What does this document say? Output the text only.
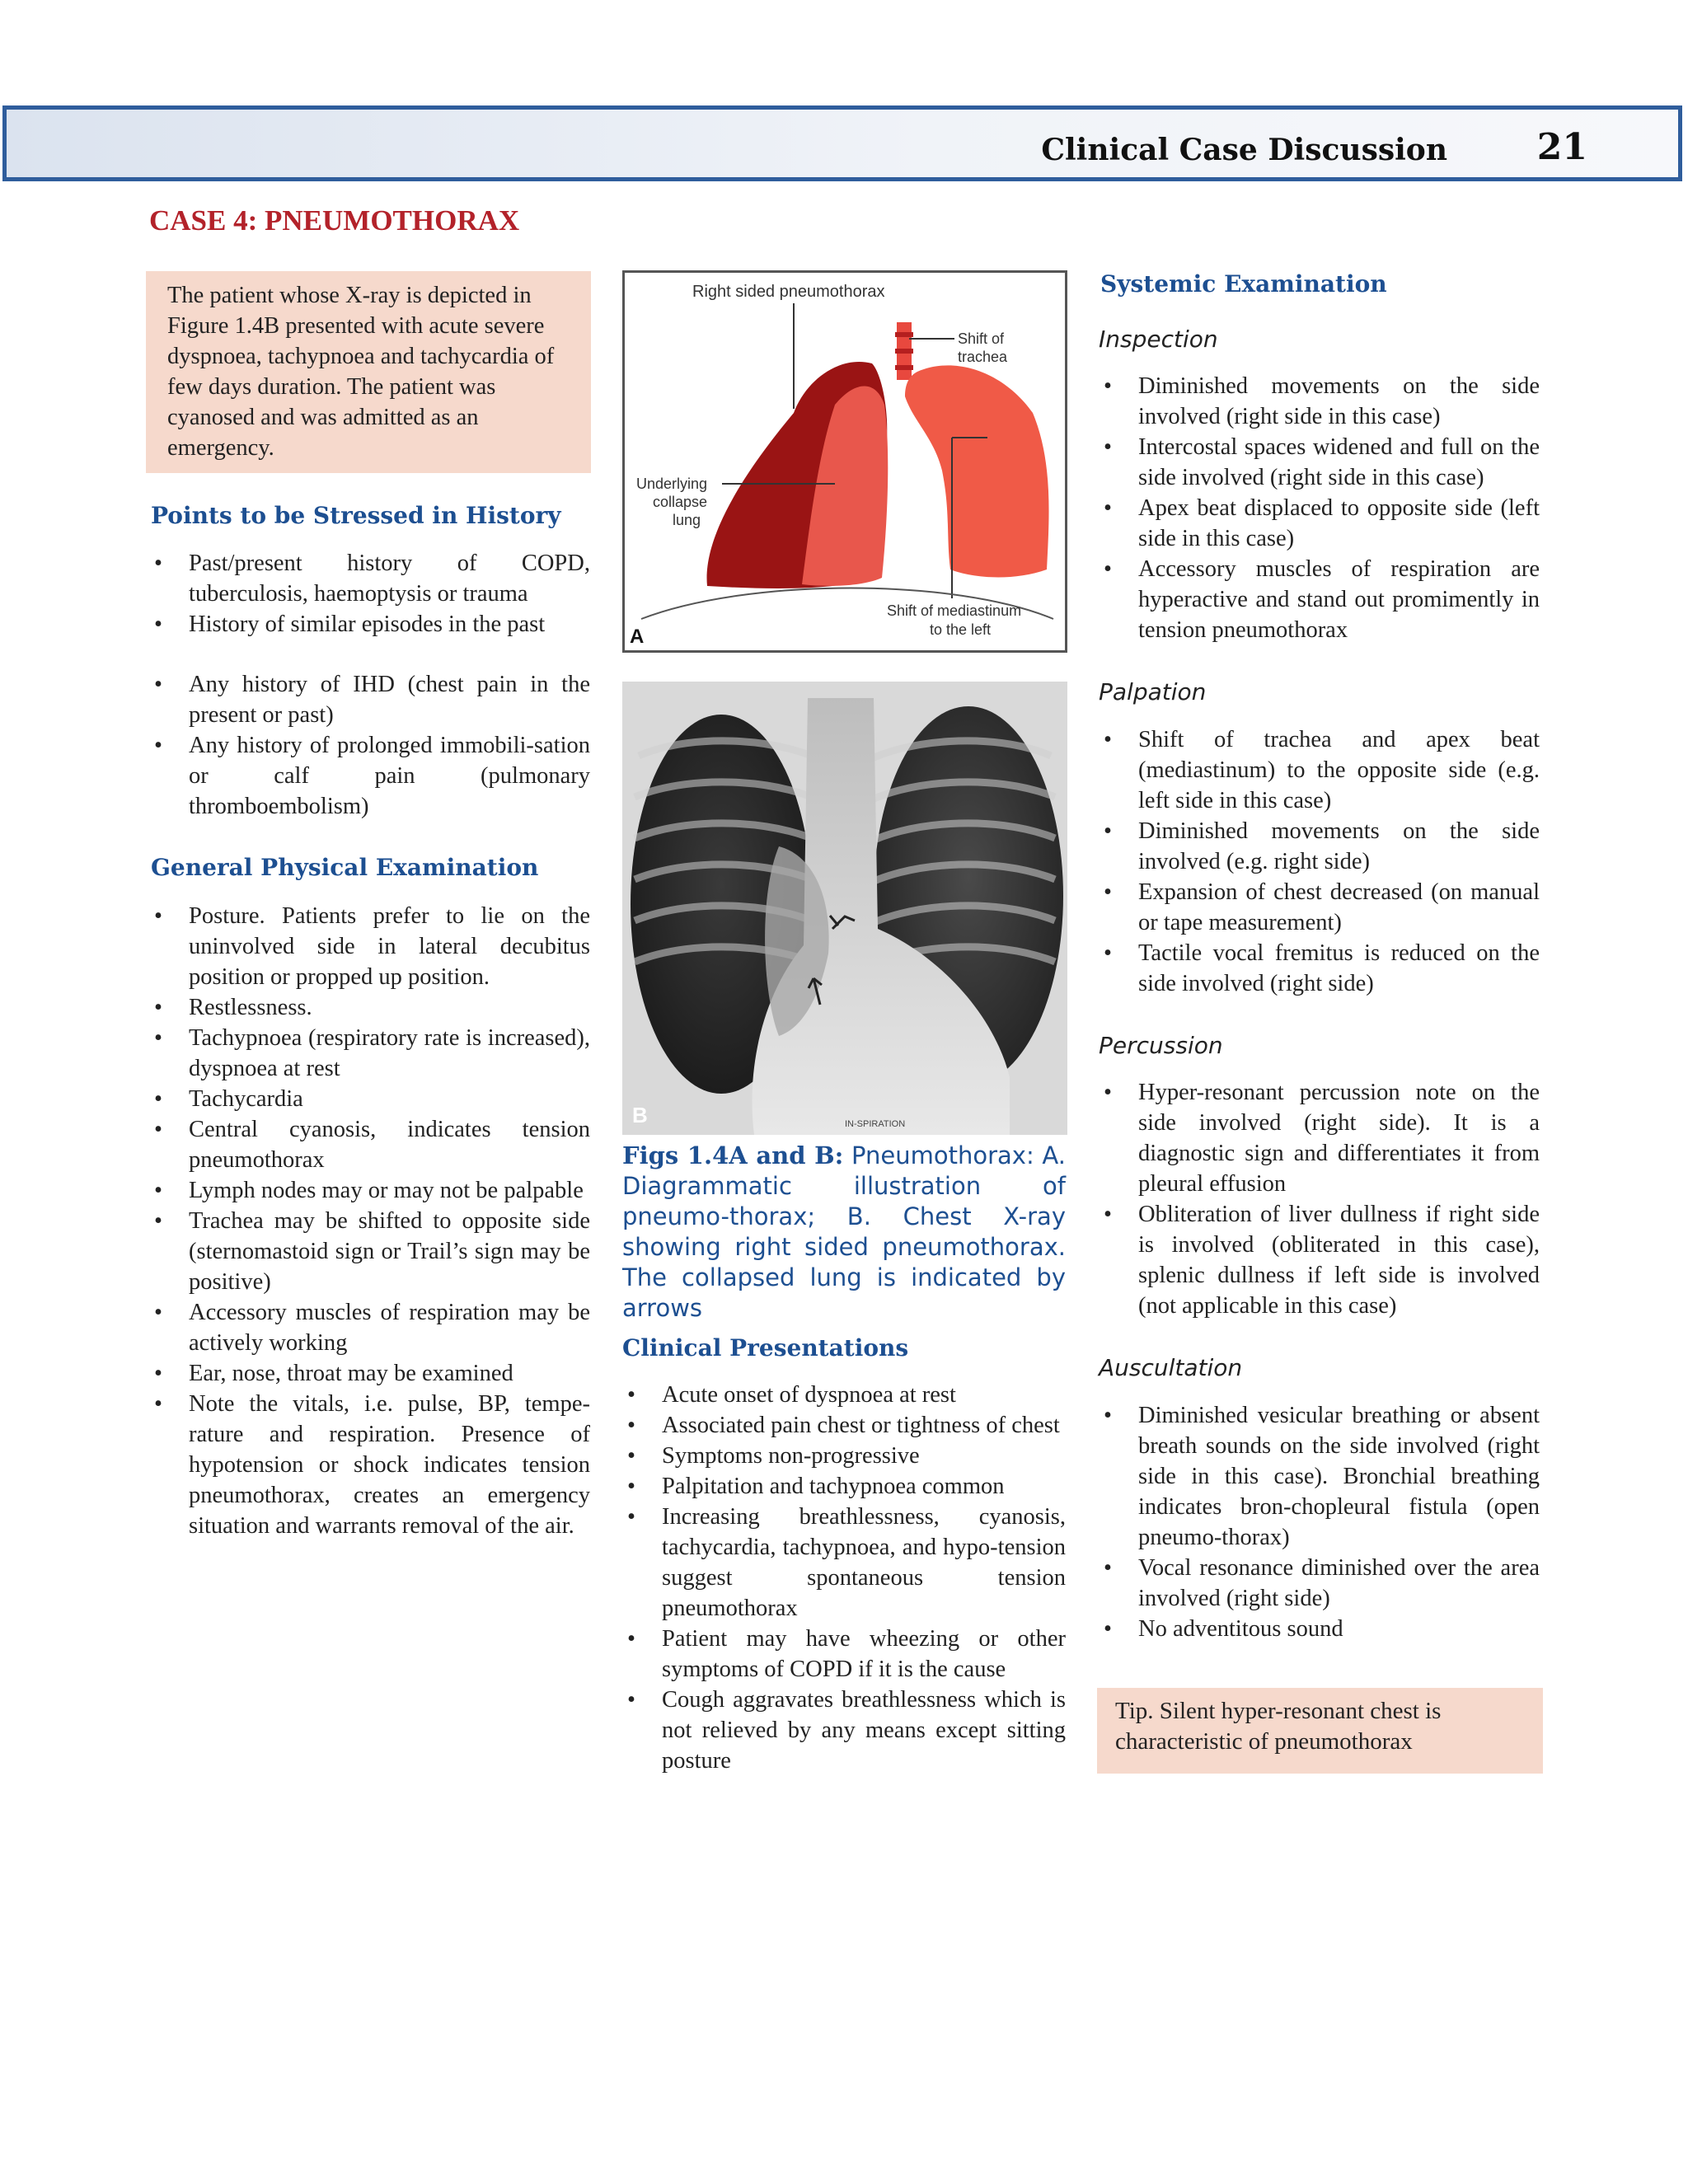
Clinical Case Discussion 21
CASE 4: PNEUMOTHORAX
The patient whose X-ray is depicted in Figure 1.4B presented with acute severe dyspnoea, tachypnoea and tachycardia of few days duration. The patient was cyanosed and was admitted as an emergency.
Points to be Stressed in History
• Past/present history of COPD, tuberculosis, haemoptysis or trauma
• History of similar episodes in the past
• Any history of IHD (chest pain in the present or past)
• Any history of prolonged immobili-sation or calf pain (pulmonary thromboembolism)
General Physical Examination
• Posture. Patients prefer to lie on the uninvolved side in lateral decubitus position or propped up position.
• Restlessness.
• Tachypnoea (respiratory rate is increased), dyspnoea at rest
• Tachycardia
• Central cyanosis, indicates tension pneumothorax
• Lymph nodes may or may not be palpable
• Trachea may be shifted to opposite side (sternomastoid sign or Trail’s sign may be positive)
• Accessory muscles of respiration may be actively working
• Ear, nose, throat may be examined
• Note the vitals, i.e. pulse, BP, tempe-rature and respiration. Presence of hypotension or shock indicates tension pneumothorax, creates an emergency situation and warrants removal of the air.
Right sided pneumothorax
Shift of
trachea
Underlying
collapse
lung
Shift of mediastinum
to the left
A
B	IN-SPIRATION
Figs 1.4A and B: Pneumothorax: A. Diagrammatic illustration of pneumo-thorax; B. Chest X-ray showing right sided pneumothorax. The collapsed lung is indicated by arrows
Clinical Presentations
• Acute onset of dyspnoea at rest
• Associated pain chest or tightness of chest
• Symptoms non-progressive
• Palpitation and tachypnoea common
• Increasing breathlessness, cyanosis, tachycardia, tachypnoea, and hypo-tension suggest spontaneous tension pneumothorax
• Patient may have wheezing or other symptoms of COPD if it is the cause
• Cough aggravates breathlessness which is not relieved by any means except sitting posture
Systemic Examination
Inspection
• Diminished movements on the side involved (right side in this case)
• Intercostal spaces widened and full on the side involved (right side in this case)
• Apex beat displaced to opposite side (left side in this case)
• Accessory muscles of respiration are hyperactive and stand out promimently in tension pneumothorax
Palpation
• Shift of trachea and apex beat (mediastinum) to the opposite side (e.g. left side in this case)
• Diminished movements on the side involved (e.g. right side)
• Expansion of chest decreased (on manual or tape measurement)
• Tactile vocal fremitus is reduced on the side involved (right side)
Percussion
• Hyper-resonant percussion note on the side involved (right side). It is a diagnostic sign and differentiates it from pleural effusion
• Obliteration of liver dullness if right side is involved (obliterated in this case), splenic dullness if left side is involved (not applicable in this case)
Auscultation
• Diminished vesicular breathing or absent breath sounds on the side involved (right side in this case). Bronchial breathing indicates bron-chopleural fistula (open pneumo-thorax)
• Vocal resonance diminished over the area involved (right side)
• No adventitous sound
Tip. Silent hyper-resonant chest is characteristic of pneumothorax
